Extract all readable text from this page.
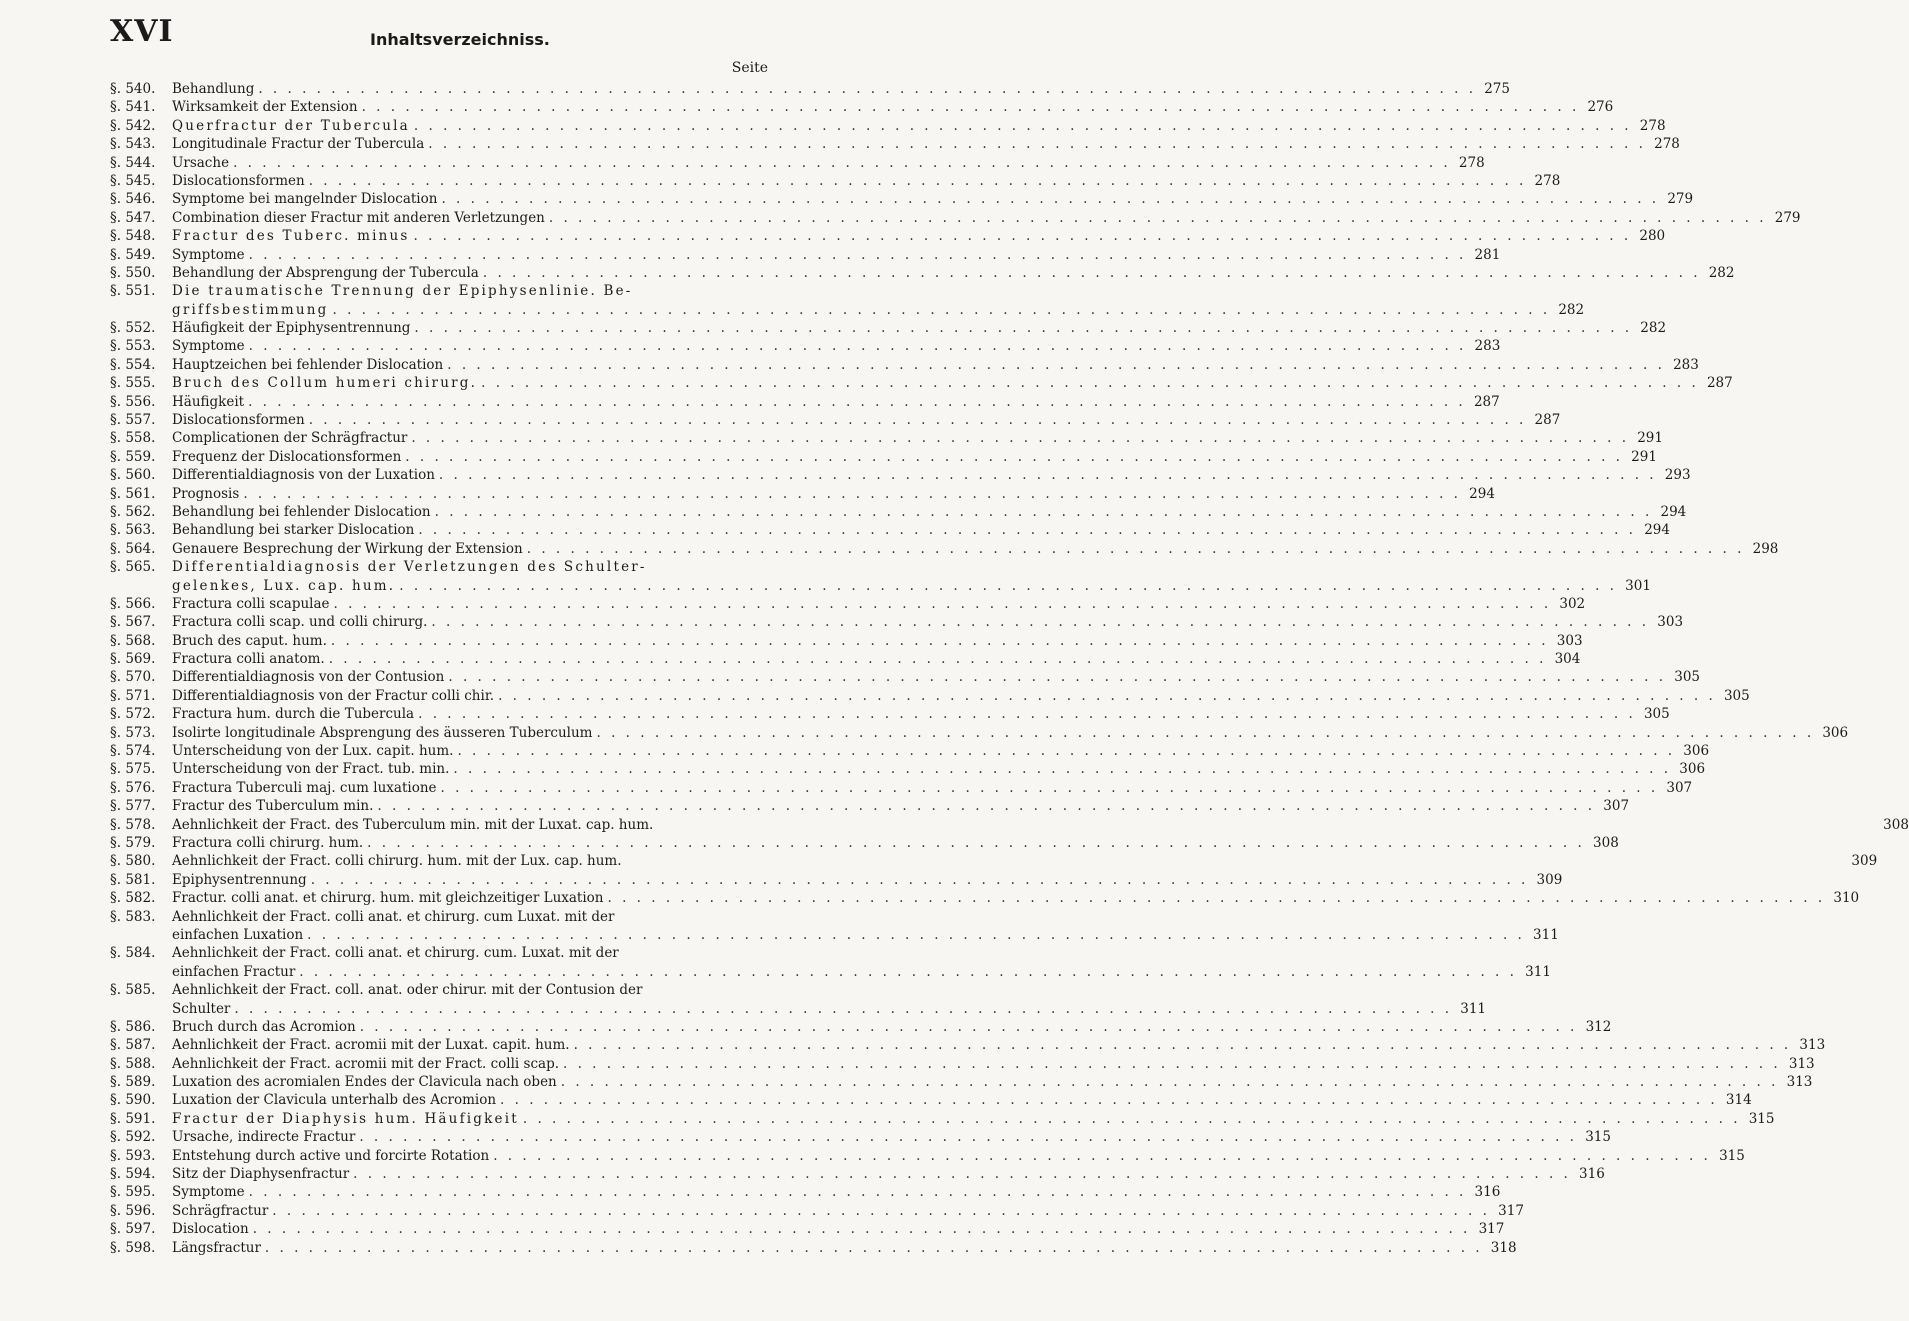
XVI	Inhaltsverzeichniss.
Seite
§. 540.	Behandlung . . .	275
§. 541.	Wirksamkeit der Extension . . .	276
§. 542.	Querfractur der Tubercula . . .	278
§. 543.	Longitudinale Fractur der Tubercula . . .	278
§. 544.	Ursache . . .	278
§. 545.	Dislocationsformen . . .	278
§. 546.	Symptome bei mangelnder Dislocation . . .	279
§. 547.	Combination dieser Fractur mit anderen Verletzungen . . .	279
§. 548.	Fractur des Tuberc. minus . . .	280
§. 549.	Symptome . . .	281
§. 550.	Behandlung der Absprengung der Tubercula . . .	282
§. 551.	Die traumatische Trennung der Epiphysenlinie. Be-
griffsbestimmung . . .	282
§. 552.	Häufigkeit der Epiphysentrennung . . .	282
§. 553.	Symptome . . .	283
§. 554.	Hauptzeichen bei fehlender Dislocation . . .	283
§. 555.	Bruch des Collum humeri chirurg. . . .	287
§. 556.	Häufigkeit . . .	287
§. 557.	Dislocationsformen . . .	287
§. 558.	Complicationen der Schrägfractur . . .	291
§. 559.	Frequenz der Dislocationsformen . . .	291
§. 560.	Differentialdiagnosis von der Luxation . . .	293
§. 561.	Prognosis . . .	294
§. 562.	Behandlung bei fehlender Dislocation . . .	294
§. 563.	Behandlung bei starker Dislocation . . .	294
§. 564.	Genauere Besprechung der Wirkung der Extension . . .	298
§. 565.	Differentialdiagnosis der Verletzungen des Schulter-
gelenkes, Lux. cap. hum. . . .	301
§. 566.	Fractura colli scapulae . . .	302
§. 567.	Fractura colli scap. und colli chirurg. . . .	303
§. 568.	Bruch des caput. hum. . . .	303
§. 569.	Fractura colli anatom. . . .	304
§. 570.	Differentialdiagnosis von der Contusion . . .	305
§. 571.	Differentialdiagnosis von der Fractur colli chir. . . .	305
§. 572.	Fractura hum. durch die Tubercula . . .	305
§. 573.	Isolirte longitudinale Absprengung des äusseren Tuberculum . . .	306
§. 574.	Unterscheidung von der Lux. capit. hum. . . .	306
§. 575.	Unterscheidung von der Fract. tub. min. . . .	306
§. 576.	Fractura Tuberculi maj. cum luxatione . . .	307
§. 577.	Fractur des Tuberculum min. . . .	307
§. 578.	Aehnlichkeit der Fract. des Tuberculum min. mit der Luxat. cap. hum.	308
§. 579.	Fractura colli chirurg. hum. . . .	308
§. 580.	Aehnlichkeit der Fract. colli chirurg. hum. mit der Lux. cap. hum.	309
§. 581.	Epiphysentrennung . . .	309
§. 582.	Fractur. colli anat. et chirurg. hum. mit gleichzeitiger Luxation . . .	310
§. 583.	Aehnlichkeit der Fract. colli anat. et chirurg. cum Luxat. mit der
einfachen Luxation . . .	311
§. 584.	Aehnlichkeit der Fract. colli anat. et chirurg. cum. Luxat. mit der
einfachen Fractur . . .	311
§. 585.	Aehnlichkeit der Fract. coll. anat. oder chirur. mit der Contusion der
Schulter . . .	311
§. 586.	Bruch durch das Acromion . . .	312
§. 587.	Aehnlichkeit der Fract. acromii mit der Luxat. capit. hum. . . .	313
§. 588.	Aehnlichkeit der Fract. acromii mit der Fract. colli scap. . . .	313
§. 589.	Luxation des acromialen Endes der Clavicula nach oben . . .	313
§. 590.	Luxation der Clavicula unterhalb des Acromion . . .	314
§. 591.	Fractur der Diaphysis hum. Häufigkeit . . .	315
§. 592.	Ursache, indirecte Fractur . . .	315
§. 593.	Entstehung durch active und forcirte Rotation . . .	315
§. 594.	Sitz der Diaphysenfractur . . .	316
§. 595.	Symptome . . .	316
§. 596.	Schrägfractur . . .	317
§. 597.	Dislocation . . .	317
§. 598.	Längsfractur . . .	318
